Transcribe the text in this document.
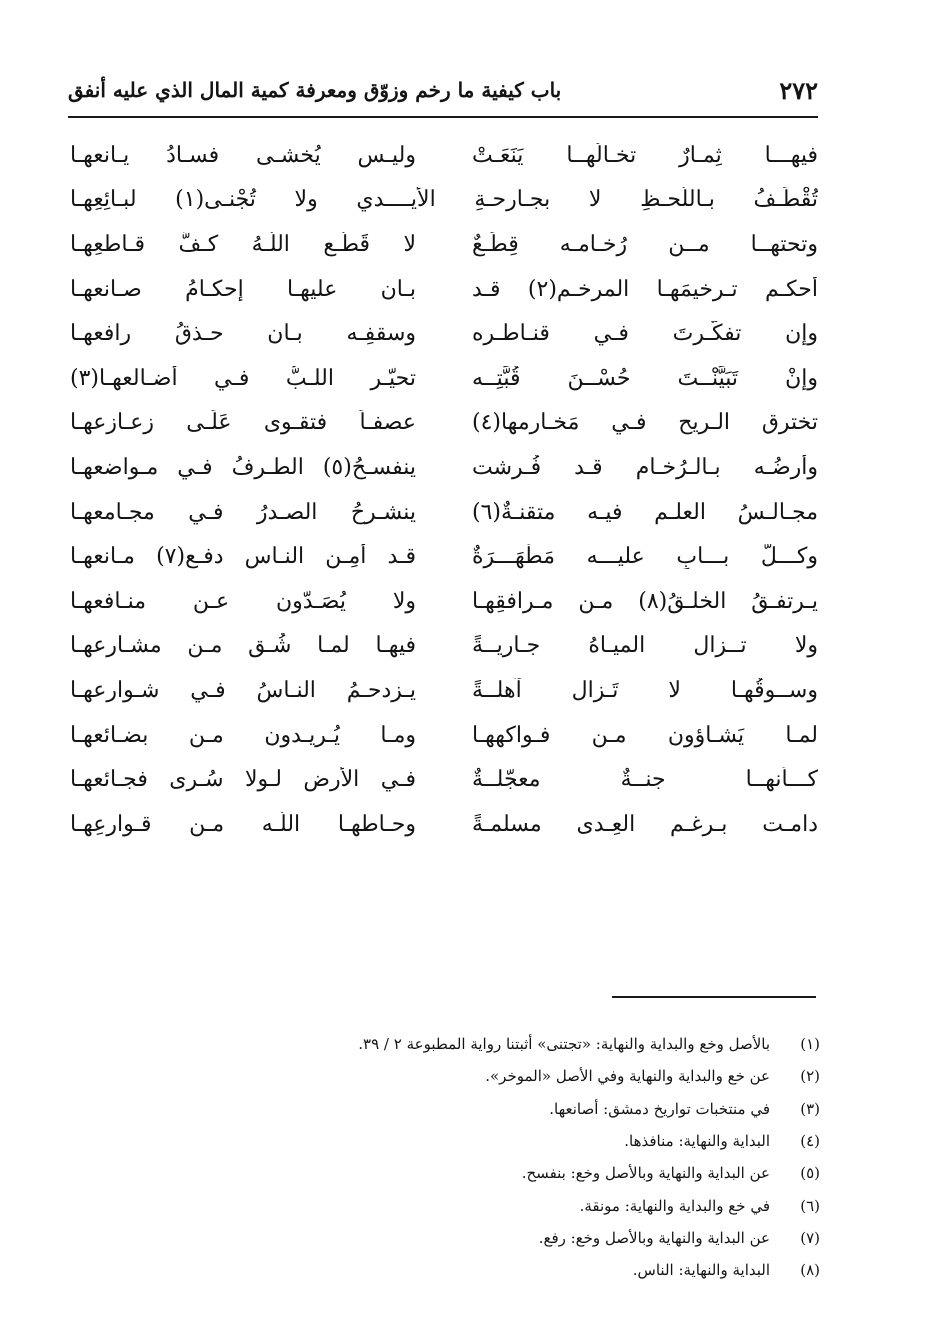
٢٧٢
باب كيفية ما رخم وزوّق ومعرفة كمية المال الذي عليه أنفق
فيهـــا ثِمـارٌ تخـالُهــا يَنَعَـتْ
وليـس يُخشـى فسـادُ يـانعهـا
تُقْطَـفُ بـاللّحـظِ لا بجـارحـةِ الأيــــدي ولا تُجْنـى(١) لبـائِعِهـا
وتحتهــا مــن رُخـامـه قِطَـعٌ
لا قَطَّـع اللّـهُ كـفَّ قـاطعِهـا
أحكـم تـرخيمَهـا المرخـم(٢) قـد
بـان عليهـا إحكـامُ صـانعهـا
وإن تفكَّـرتَ فـي قنـاطـرِه
وسقفِـه بـان حـذقُ رافعهـا
وإنْ تَبَيَّنْــتَ حُسْــنَ قُبَّتِــه
تحيّـر اللـبُّ فـي أضـالعهـا(٣)
تخترق الـريح فـي مَخـارِمها(٤)
عصفـاً فتقـوى عَلَـى زعـازعهـا
وأرضُـه بـالـرُخـام قـد فُـرِشت
ينفسـحُ(٥) الطـرفُ فـي مـواضعهـا
مجـالـسُ العلـم فيـه متقنـةٌ(٦)
ينشـرحُ الصـدرُ فـي مجـامعهـا
وكـــلُّ بـــابٍ عليـــه مَطْهَـــرَةٌ
قـد أمِـن النـاس دفـع(٧) مـانعهـا
يـرتفـقُ الخلـقُ(٨) مـن مـرافقِهـا
ولا يُصَـدّون عـن منـافعهـا
ولا تــزال الميـاهُ جـاريــةً
فيهـا لمـا شُـق مـن مشـارعهـا
وســوقُهـا لا تَـزال آهلــةً
يـزدحـمُ النـاسُ فـي شـوارعهـا
لمـا يَشـاؤون مـن فـواكههـا
ومـا يُـريـدون مـن بضـائعهـا
كـــأنهــا جنــةٌ معجّلــةٌ
فـي الأرضِ لـولا سُـرى فجـائعهـا
دامـت بـرغـم العِـدى مسلمـةً
وحـاطهـا اللّـه مـن قـوارعِهـا
(١)
بالأصل وخع والبداية والنهاية: «تجتنى» أثبتنا رواية المطبوعة ٢ / ٣٩.
(٢)
عن خع والبداية والنهاية وفي الأصل «الموخر».
(٣)
في منتخبات تواريخ دمشق: أصانعها.
(٤)
البداية والنهاية: منافذها.
(٥)
عن البداية والنهاية وبالأصل وخع: بنفسح.
(٦)
في خع والبداية والنهاية: مونقة.
(٧)
عن البداية والنهاية وبالأصل وخع: رفع.
(٨)
البداية والنهاية: الناس.
